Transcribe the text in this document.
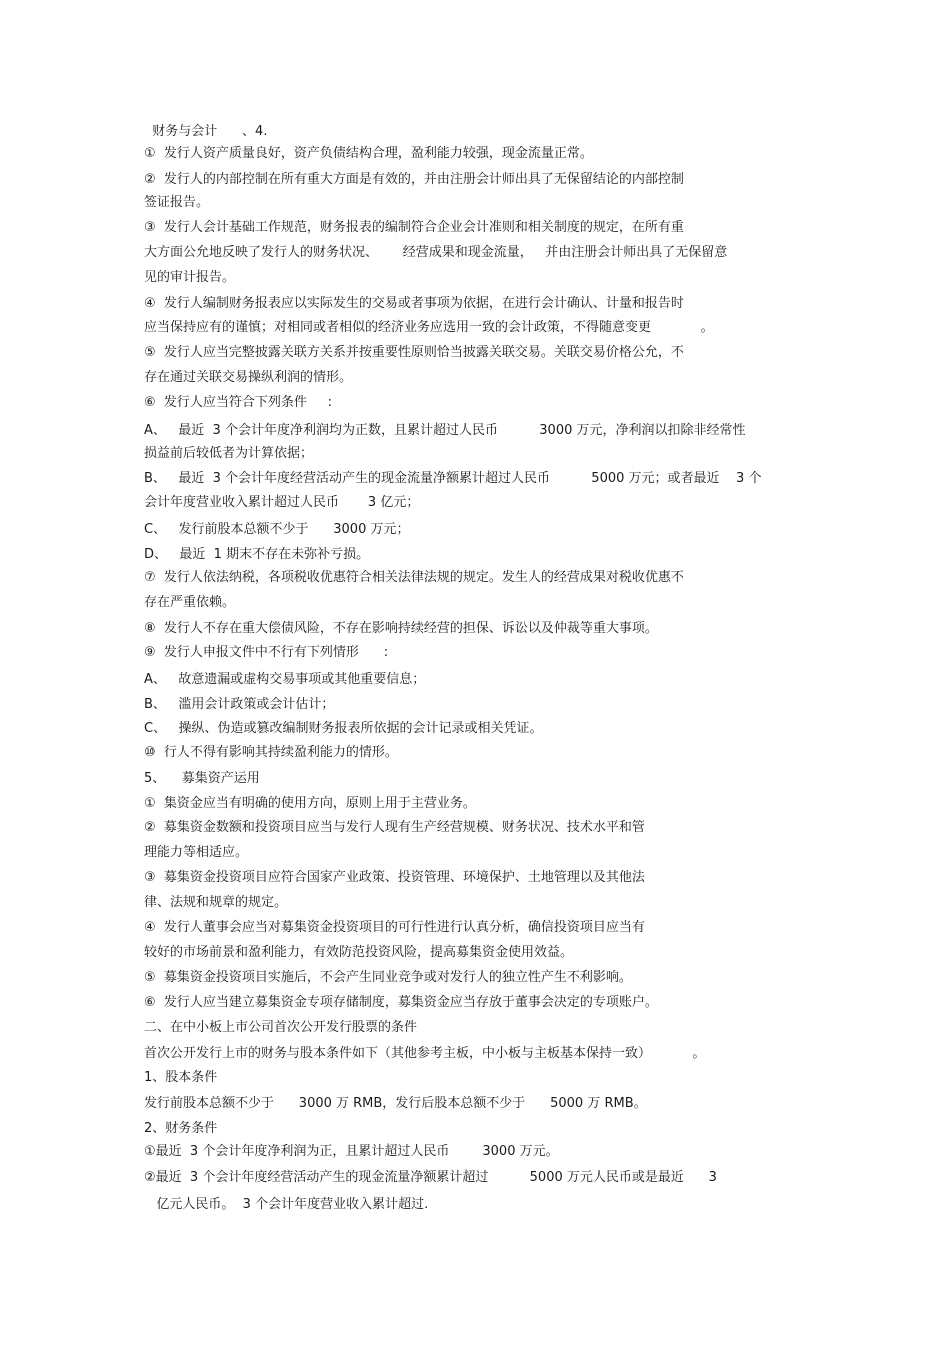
财务与会计      、4.
①  发行人资产质量良好，资产负债结构合理，盈利能力较强，现金流量正常。
②  发行人的内部控制在所有重大方面是有效的，并由注册会计师出具了无保留结论的内部控制
签证报告。
③  发行人会计基础工作规范，财务报表的编制符合企业会计准则和相关制度的规定，在所有重
大方面公允地反映了发行人的财务状况、      经营成果和现金流量，   并由注册会计师出具了无保留意
见的审计报告。
④  发行人编制财务报表应以实际发生的交易或者事项为依据，在进行会计确认、计量和报告时
应当保持应有的谨慎；对相同或者相似的经济业务应选用一致的会计政策，不得随意变更            。
⑤  发行人应当完整披露关联方关系并按重要性原则恰当披露关联交易。关联交易价格公允，不
存在通过关联交易操纵利润的情形。
⑥  发行人应当符合下列条件     :
A、   最近  3 个会计年度净利润均为正数，且累计超过人民币          3000 万元，净利润以扣除非经常性
损益前后较低者为计算依据；
B、   最近  3 个会计年度经营活动产生的现金流量净额累计超过人民币          5000 万元；或者最近    3 个
会计年度营业收入累计超过人民币       3 亿元；
C、   发行前股本总额不少于      3000 万元；
D、   最近  1 期末不存在未弥补亏损。
⑦  发行人依法纳税，各项税收优惠符合相关法律法规的规定。发生人的经营成果对税收优惠不
存在严重依赖。
⑧  发行人不存在重大偿债风险，不存在影响持续经营的担保、诉讼以及仲裁等重大事项。
⑨  发行人申报文件中不行有下列情形      :
A、   故意遗漏或虚构交易事项或其他重要信息；
B、   滥用会计政策或会计估计；
C、   操纵、伪造或篡改编制财务报表所依据的会计记录或相关凭证。
⑩  行人不得有影响其持续盈利能力的情形。
5、    募集资产运用
①  集资金应当有明确的使用方向，原则上用于主营业务。
②  募集资金数额和投资项目应当与发行人现有生产经营规模、财务状况、技术水平和管
理能力等相适应。
③  募集资金投资项目应符合国家产业政策、投资管理、环境保护、土地管理以及其他法
律、法规和规章的规定。
④  发行人董事会应当对募集资金投资项目的可行性进行认真分析，确信投资项目应当有
较好的市场前景和盈利能力，有效防范投资风险，提高募集资金使用效益。
⑤  募集资金投资项目实施后，不会产生同业竞争或对发行人的独立性产生不利影响。
⑥  发行人应当建立募集资金专项存储制度，募集资金应当存放于董事会决定的专项账户。
二、在中小板上市公司首次公开发行股票的条件
首次公开发行上市的财务与股本条件如下（其他参考主板，中小板与主板基本保持一致）          。
1、股本条件
发行前股本总额不少于      3000 万 RMB，发行后股本总额不少于      5000 万 RMB。
2、财务条件
①最近  3 个会计年度净利润为正，且累计超过人民币        3000 万元。
②最近  3 个会计年度经营活动产生的现金流量净额累计超过          5000 万元人民币或是最近      3
亿元人民币。  3 个会计年度营业收入累计超过.
